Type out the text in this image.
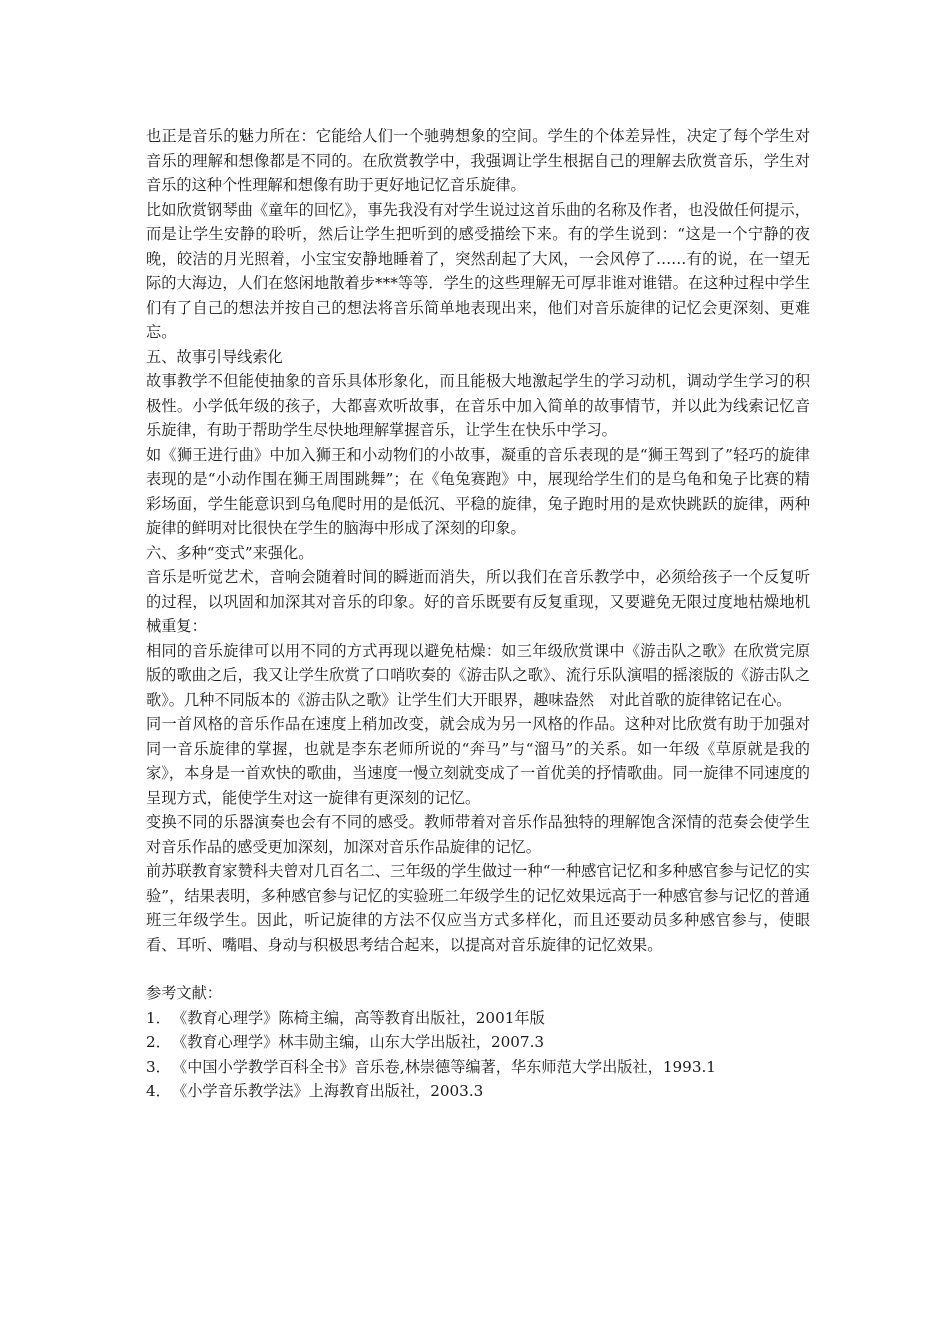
也正是音乐的魅力所在：它能给人们一个驰骋想象的空间。学生的个体差异性，决定了每个学生对音乐的理解和想像都是不同的。在欣赏教学中，我强调让学生根据自己的理解去欣赏音乐，学生对音乐的这种个性理解和想像有助于更好地记忆音乐旋律。

比如欣赏钢琴曲《童年的回忆》，事先我没有对学生说过这首乐曲的名称及作者，也没做任何提示，而是让学生安静的聆听，然后让学生把听到的感受描绘下来。有的学生说到：“这是一个宁静的夜晚，皎洁的月光照着，小宝宝安静地睡着了，突然刮起了大风，一会风停了……有的说，在一望无际的大海边，人们在悠闲地散着步***等等．学生的这些理解无可厚非谁对谁错。在这种过程中学生们有了自己的想法并按自己的想法将音乐简单地表现出来，他们对音乐旋律的记忆会更深刻、更难忘。

五、故事引导线索化

故事教学不但能使抽象的音乐具体形象化，而且能极大地激起学生的学习动机，调动学生学习的积极性。小学低年级的孩子，大都喜欢听故事，在音乐中加入简单的故事情节，并以此为线索记忆音乐旋律，有助于帮助学生尽快地理解掌握音乐，让学生在快乐中学习。

如《狮王进行曲》中加入狮王和小动物们的小故事，凝重的音乐表现的是“狮王驾到了”轻巧的旋律表现的是“小动作围在狮王周围跳舞”；在《龟兔赛跑》中，展现给学生们的是乌龟和兔子比赛的精彩场面，学生能意识到乌龟爬时用的是低沉、平稳的旋律，兔子跑时用的是欢快跳跃的旋律，两种旋律的鲜明对比很快在学生的脑海中形成了深刻的印象。

六、多种“变式”来强化。

音乐是听觉艺术，音响会随着时间的瞬逝而消失，所以我们在音乐教学中，必须给孩子一个反复听的过程，以巩固和加深其对音乐的印象。好的音乐既要有反复重现，又要避免无限过度地枯燥地机械重复：

相同的音乐旋律可以用不同的方式再现以避免枯燥：如三年级欣赏课中《游击队之歌》在欣赏完原版的歌曲之后，我又让学生欣赏了口哨吹奏的《游击队之歌》、流行乐队演唱的摇滚版的《游击队之歌》。几种不同版本的《游击队之歌》让学生们大开眼界，趣味盎然　对此首歌的旋律铭记在心。

同一首风格的音乐作品在速度上稍加改变，就会成为另一风格的作品。这种对比欣赏有助于加强对同一音乐旋律的掌握，也就是李东老师所说的“奔马”与“溜马”的关系。如一年级《草原就是我的家》，本身是一首欢快的歌曲，当速度一慢立刻就变成了一首优美的抒情歌曲。同一旋律不同速度的呈现方式，能使学生对这一旋律有更深刻的记忆。

变换不同的乐器演奏也会有不同的感受。教师带着对音乐作品独特的理解饱含深情的范奏会使学生对音乐作品的感受更加深刻，加深对音乐作品旋律的记忆。

前苏联教育家赞科夫曾对几百名二、三年级的学生做过一种“一种感官记忆和多种感官参与记忆的实验”，结果表明，多种感官参与记忆的实验班二年级学生的记忆效果远高于一种感官参与记忆的普通班三年级学生。因此，听记旋律的方法不仅应当方式多样化，而且还要动员多种感官参与，使眼看、耳听、嘴唱、身动与积极思考结合起来，以提高对音乐旋律的记忆效果。

参考文献：

1． 《教育心理学》陈椅主编，高等教育出版社，2001年版
2． 《教育心理学》林丰勋主编，山东大学出版社，2007.3
3． 《中国小学教学百科全书》音乐卷,林崇德等编著，华东师范大学出版社，1993.1
4． 《小学音乐教学法》上海教育出版社，2003.3
